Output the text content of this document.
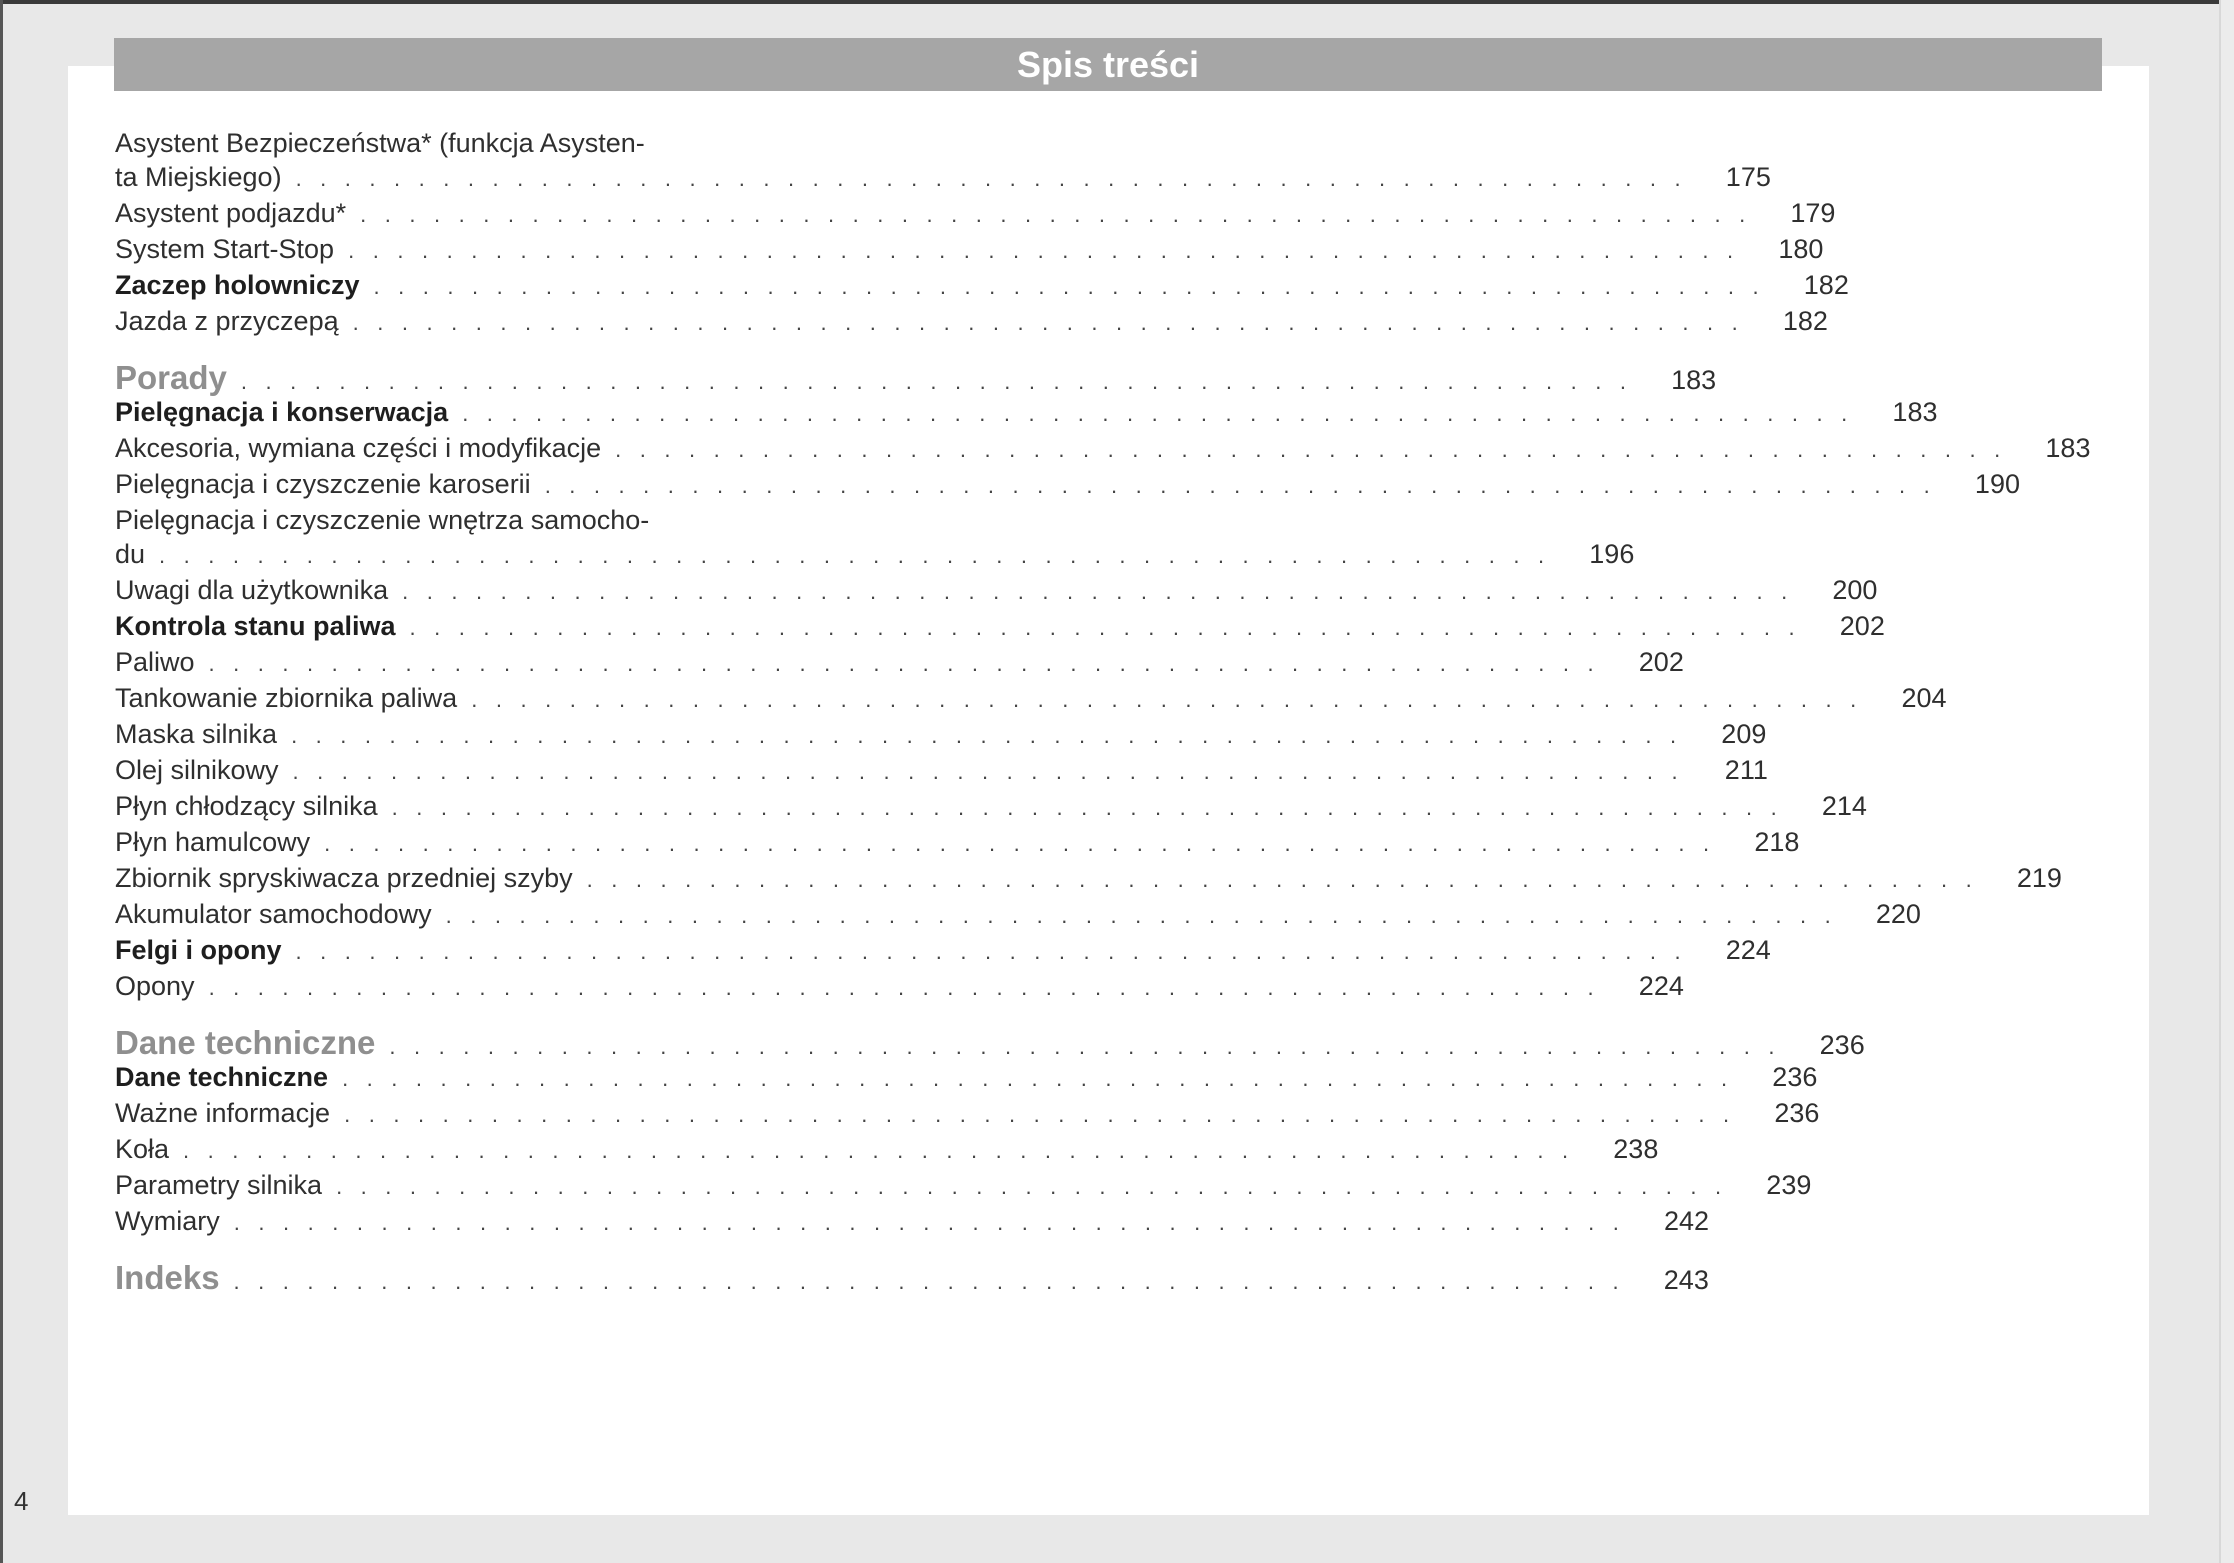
Spis treści
Asystent Bezpieczeństwa* (funkcja Asysten-
ta Miejskiego) . . . . . . . . . . . . . . . . . . . . . . . . . . . . . . . . . . . . . . . . . . . . . . . . . . . . . . . . .	175
Asystent podjazdu* . . . . . . . . . . . . . . . . . . . . . . . . . . . . . . . . . . . . . . . . . . . . . . . . . . . . . . . . .	179
System Start-Stop . . . . . . . . . . . . . . . . . . . . . . . . . . . . . . . . . . . . . . . . . . . . . . . . . . . . . . . . .	180
Zaczep holowniczy . . . . . . . . . . . . . . . . . . . . . . . . . . . . . . . . . . . . . . . . . . . . . . . . . . . . . . . . .	182
Jazda z przyczepą . . . . . . . . . . . . . . . . . . . . . . . . . . . . . . . . . . . . . . . . . . . . . . . . . . . . . . . . .	182
Porady . . . . . . . . . . . . . . . . . . . . . . . . . . . . . . . . . . . . . . . . . . . . . . . . . . . . . . . . .	183
Pielęgnacja i konserwacja . . . . . . . . . . . . . . . . . . . . . . . . . . . . . . . . . . . . . . . . . . . . . . . . . . . . . . . . .	183
Akcesoria, wymiana części i modyfikacje . . . . . . . . . . . . . . . . . . . . . . . . . . . . . . . . . . . . . . . . . . . . . . . . . . . . . . . . .	183
Pielęgnacja i czyszczenie karoserii . . . . . . . . . . . . . . . . . . . . . . . . . . . . . . . . . . . . . . . . . . . . . . . . . . . . . . . . .	190
Pielęgnacja i czyszczenie wnętrza samocho-
du . . . . . . . . . . . . . . . . . . . . . . . . . . . . . . . . . . . . . . . . . . . . . . . . . . . . . . . . .	196
Uwagi dla użytkownika . . . . . . . . . . . . . . . . . . . . . . . . . . . . . . . . . . . . . . . . . . . . . . . . . . . . . . . . .	200
Kontrola stanu paliwa . . . . . . . . . . . . . . . . . . . . . . . . . . . . . . . . . . . . . . . . . . . . . . . . . . . . . . . . .	202
Paliwo . . . . . . . . . . . . . . . . . . . . . . . . . . . . . . . . . . . . . . . . . . . . . . . . . . . . . . . . .	202
Tankowanie zbiornika paliwa . . . . . . . . . . . . . . . . . . . . . . . . . . . . . . . . . . . . . . . . . . . . . . . . . . . . . . . . .	204
Maska silnika . . . . . . . . . . . . . . . . . . . . . . . . . . . . . . . . . . . . . . . . . . . . . . . . . . . . . . . . .	209
Olej silnikowy . . . . . . . . . . . . . . . . . . . . . . . . . . . . . . . . . . . . . . . . . . . . . . . . . . . . . . . . .	211
Płyn chłodzący silnika . . . . . . . . . . . . . . . . . . . . . . . . . . . . . . . . . . . . . . . . . . . . . . . . . . . . . . . . .	214
Płyn hamulcowy . . . . . . . . . . . . . . . . . . . . . . . . . . . . . . . . . . . . . . . . . . . . . . . . . . . . . . . . .	218
Zbiornik spryskiwacza przedniej szyby . . . . . . . . . . . . . . . . . . . . . . . . . . . . . . . . . . . . . . . . . . . . . . . . . . . . . . . . .	219
Akumulator samochodowy . . . . . . . . . . . . . . . . . . . . . . . . . . . . . . . . . . . . . . . . . . . . . . . . . . . . . . . . .	220
Felgi i opony . . . . . . . . . . . . . . . . . . . . . . . . . . . . . . . . . . . . . . . . . . . . . . . . . . . . . . . . .	224
Opony . . . . . . . . . . . . . . . . . . . . . . . . . . . . . . . . . . . . . . . . . . . . . . . . . . . . . . . . .	224
Dane techniczne . . . . . . . . . . . . . . . . . . . . . . . . . . . . . . . . . . . . . . . . . . . . . . . . . . . . . . . . .	236
Dane techniczne . . . . . . . . . . . . . . . . . . . . . . . . . . . . . . . . . . . . . . . . . . . . . . . . . . . . . . . . .	236
Ważne informacje . . . . . . . . . . . . . . . . . . . . . . . . . . . . . . . . . . . . . . . . . . . . . . . . . . . . . . . . .	236
Koła . . . . . . . . . . . . . . . . . . . . . . . . . . . . . . . . . . . . . . . . . . . . . . . . . . . . . . . . .	238
Parametry silnika . . . . . . . . . . . . . . . . . . . . . . . . . . . . . . . . . . . . . . . . . . . . . . . . . . . . . . . . .	239
Wymiary . . . . . . . . . . . . . . . . . . . . . . . . . . . . . . . . . . . . . . . . . . . . . . . . . . . . . . . . .	242
Indeks . . . . . . . . . . . . . . . . . . . . . . . . . . . . . . . . . . . . . . . . . . . . . . . . . . . . . . . . .	243
4
